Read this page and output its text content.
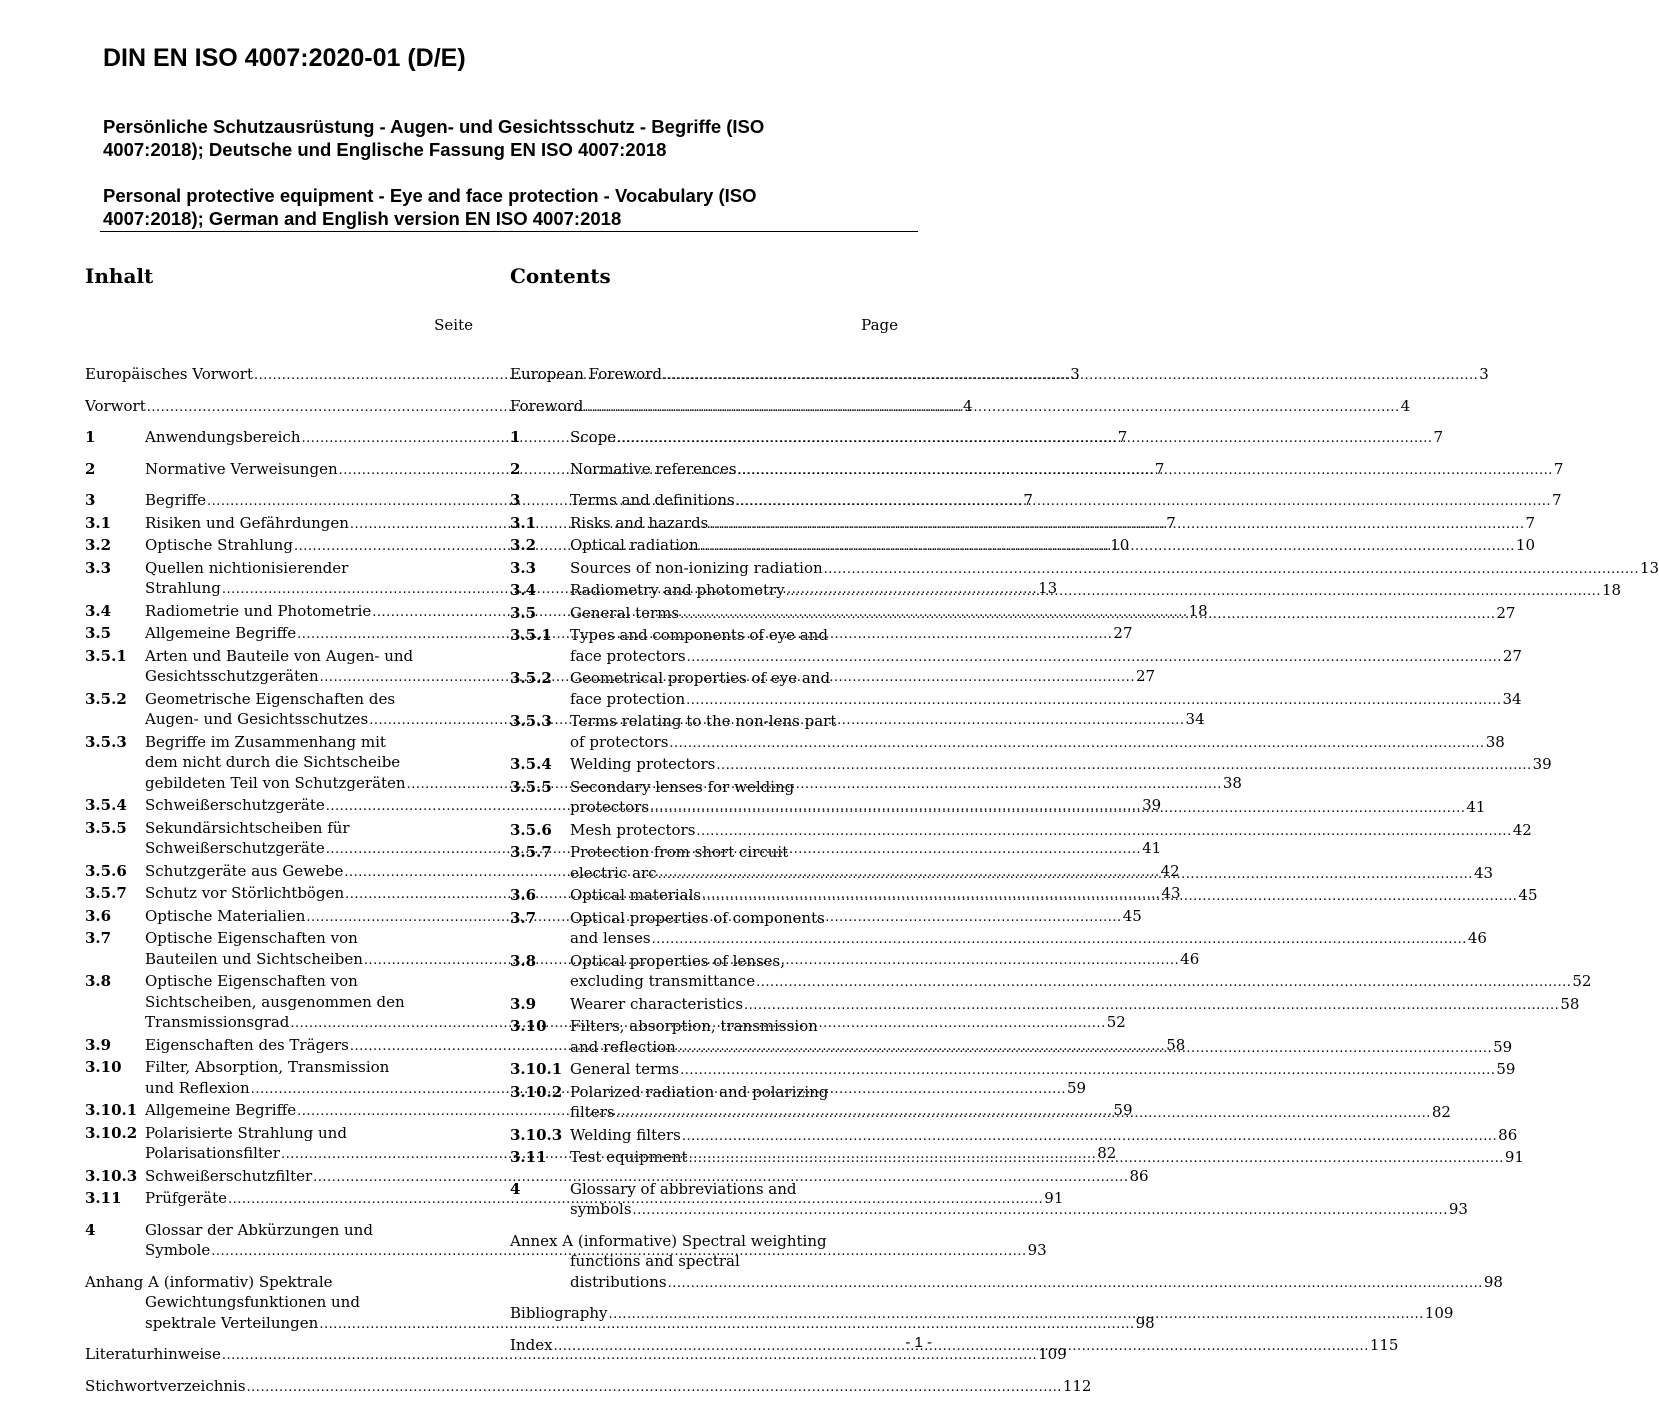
DIN EN ISO 4007:2020-01 (D/E)
Persönliche Schutzausrüstung - Augen- und Gesichtsschutz - Begriffe (ISO
4007:2018); Deutsche und Englische Fassung EN ISO 4007:2018
Personal protective equipment - Eye and face protection - Vocabulary (ISO
4007:2018); German and English version EN ISO 4007:2018
Inhalt
Seite
Europäisches Vorwort .....	3
Vorwort .....	4
1	Anwendungsbereich .....	7
2	Normative Verweisungen .....	7
3	Begriffe .....	7
3.1	Risiken und Gefährdungen .....	7
3.2	Optische Strahlung .....	10
3.3	Quellen nichtionisierender
Strahlung .....	13
3.4	Radiometrie und Photometrie .....	18
3.5	Allgemeine Begriffe .....	27
3.5.1	Arten und Bauteile von Augen- und
Gesichtsschutzgeräten .....	27
3.5.2	Geometrische Eigenschaften des
Augen- und Gesichtsschutzes .....	34
3.5.3	Begriffe im Zusammenhang mit
dem nicht durch die Sichtscheibe
gebildeten Teil von Schutzgeräten .....	38
3.5.4	Schweißerschutzgeräte .....	39
3.5.5	Sekundärsichtscheiben für
Schweißerschutzgeräte .....	41
3.5.6	Schutzgeräte aus Gewebe .....	42
3.5.7	Schutz vor Störlichtbögen .....	43
3.6	Optische Materialien .....	45
3.7	Optische Eigenschaften von
Bauteilen und Sichtscheiben .....	46
3.8	Optische Eigenschaften von
Sichtscheiben, ausgenommen den
Transmissionsgrad .....	52
3.9	Eigenschaften des Trägers .....	58
3.10	Filter, Absorption, Transmission
und Reflexion .....	59
3.10.1 Allgemeine Begriffe .....	59
3.10.2 Polarisierte Strahlung und
Polarisationsfilter .....	82
3.10.3 Schweißerschutzfilter .....	86
3.11	Prüfgeräte .....	91
4	Glossar der Abkürzungen und
Symbole .....	93
Anhang A (informativ) Spektrale
Gewichtungsfunktionen und
spektrale Verteilungen .....	98
Literaturhinweise .....	109
Stichwortverzeichnis .....	112
Contents
Page
European Foreword .....	3
Foreword .....	4
1	Scope .....	7
2	Normative references .....	7
3	Terms and definitions .....	7
3.1	Risks and hazards .....	7
3.2	Optical radiation .....	10
3.3	Sources of non-ionizing radiation .....	13
3.4	Radiometry and photometry .....	18
3.5	General terms .....	27
3.5.1	Types and components of eye and
face protectors .....	27
3.5.2	Geometrical properties of eye and
face protection .....	34
3.5.3	Terms relating to the non-lens part
of protectors .....	38
3.5.4	Welding protectors .....	39
3.5.5	Secondary lenses for welding
protectors .....	41
3.5.6	Mesh protectors .....	42
3.5.7	Protection from short circuit
electric arc .....	43
3.6	Optical materials .....	45
3.7	Optical properties of components
and lenses .....	46
3.8	Optical properties of lenses,
excluding transmittance .....	52
3.9	Wearer characteristics .....	58
3.10	Filters, absorption, transmission
and reflection .....	59
3.10.1 General terms .....	59
3.10.2 Polarized radiation and polarizing
filters .....	82
3.10.3 Welding filters .....	86
3.11	Test equipment .....	91
4	Glossary of abbreviations and
symbols .....	93
Annex A (informative) Spectral weighting
functions and spectral
distributions .....	98
Bibliography .....	109
Index .....	115
- 1 -
